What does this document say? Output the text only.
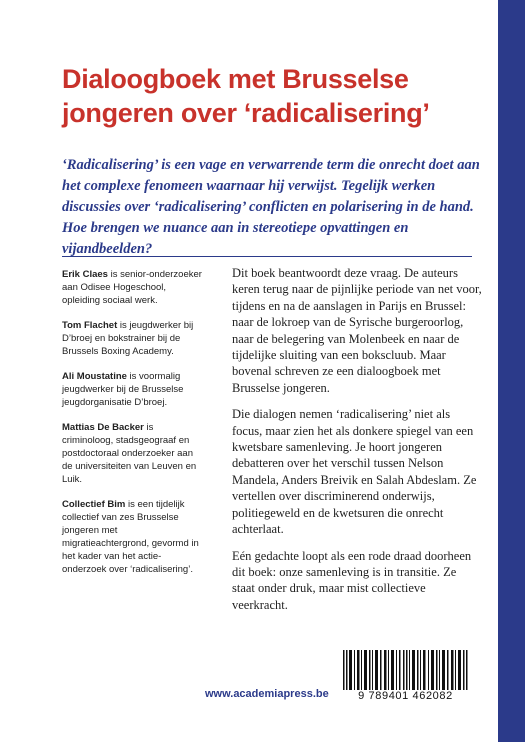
Dialoogboek met Brusselse
jongeren over ‘radicalisering’
‘Radicalisering’ is een vage en verwarrende term die onrecht doet aan het complexe fenomeen waarnaar hij verwijst. Tegelijk werken discussies over ‘radicalisering’ conflicten en polarisering in de hand. Hoe brengen we nuance aan in stereotiepe opvattingen en vijandbeelden?

Erik Claes is senior-onderzoeker aan Odisee Hogeschool, opleiding sociaal werk.

Tom Flachet is jeugdwerker bij D’broej en bokstrainer bij de Brussels Boxing Academy.

Ali Moustatine is voormalig jeugdwerker bij de Brusselse jeugdorganisatie D’broej.

Mattias De Backer is criminoloog, stadsgeograaf en postdoctoraal onderzoeker aan de universiteiten van Leuven en Luik.

Collectief Bim is een tijdelijk collectief van zes Brusselse jongeren met migratieachtergrond, gevormd in het kader van het actie-onderzoek over ‘radicalisering’.

Dit boek beantwoordt deze vraag. De auteurs keren terug naar de pijnlijke periode van net voor, tijdens en na de aanslagen in Parijs en Brussel: naar de lokroep van de Syrische burgeroorlog, naar de belegering van Molenbeek en naar de tijdelijke sluiting van een bokscluub. Maar bovenal schreven ze een dialoogboek met Brusselse jongeren.

Die dialogen nemen ‘radicalisering’ niet als focus, maar zien het als donkere spiegel van een kwetsbare samenleving. Je hoort jongeren debatteren over het verschil tussen Nelson Mandela, Anders Breivik en Salah Abdeslam. Ze vertellen over discriminerend onderwijs, politiegeweld en de kwetsuren die onrecht achterlaat.

Eén gedachte loopt als een rode draad doorheen dit boek: onze samenleving is in transitie. Ze staat onder druk, maar mist collectieve veerkracht.

www.academiapress.be	9 789401 462082
